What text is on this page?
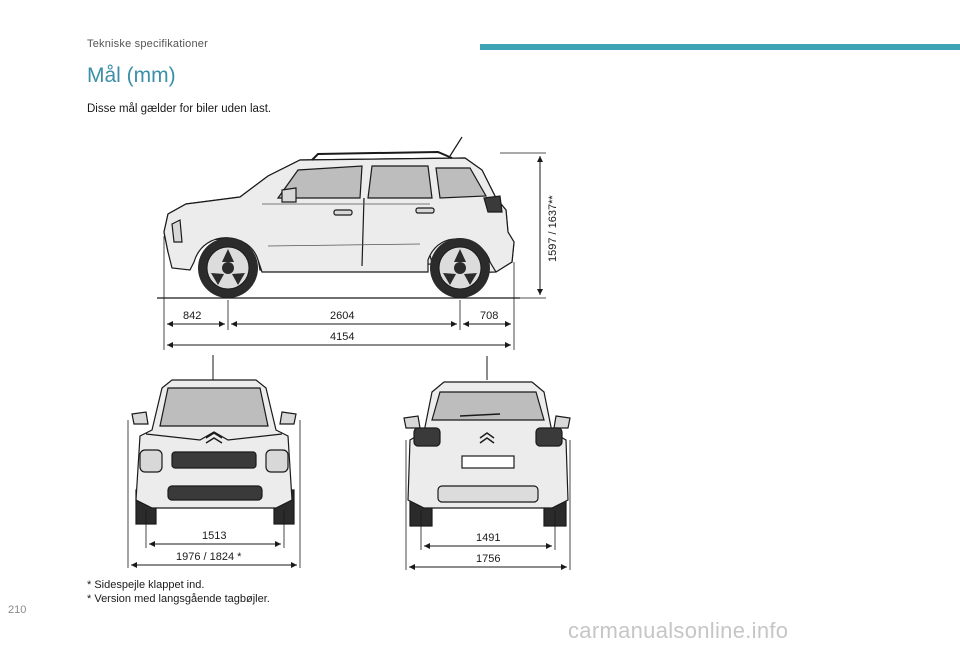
Tekniske specifikationer
Mål (mm)
Disse mål gælder for biler uden last.
1597 / 1637**
842	2604	708
4154
1513
1976 / 1824 *
1491
1756
* Sidespejle klappet ind.
* Version med langsgående tagbøjler.
210
carmanualsonline.info
